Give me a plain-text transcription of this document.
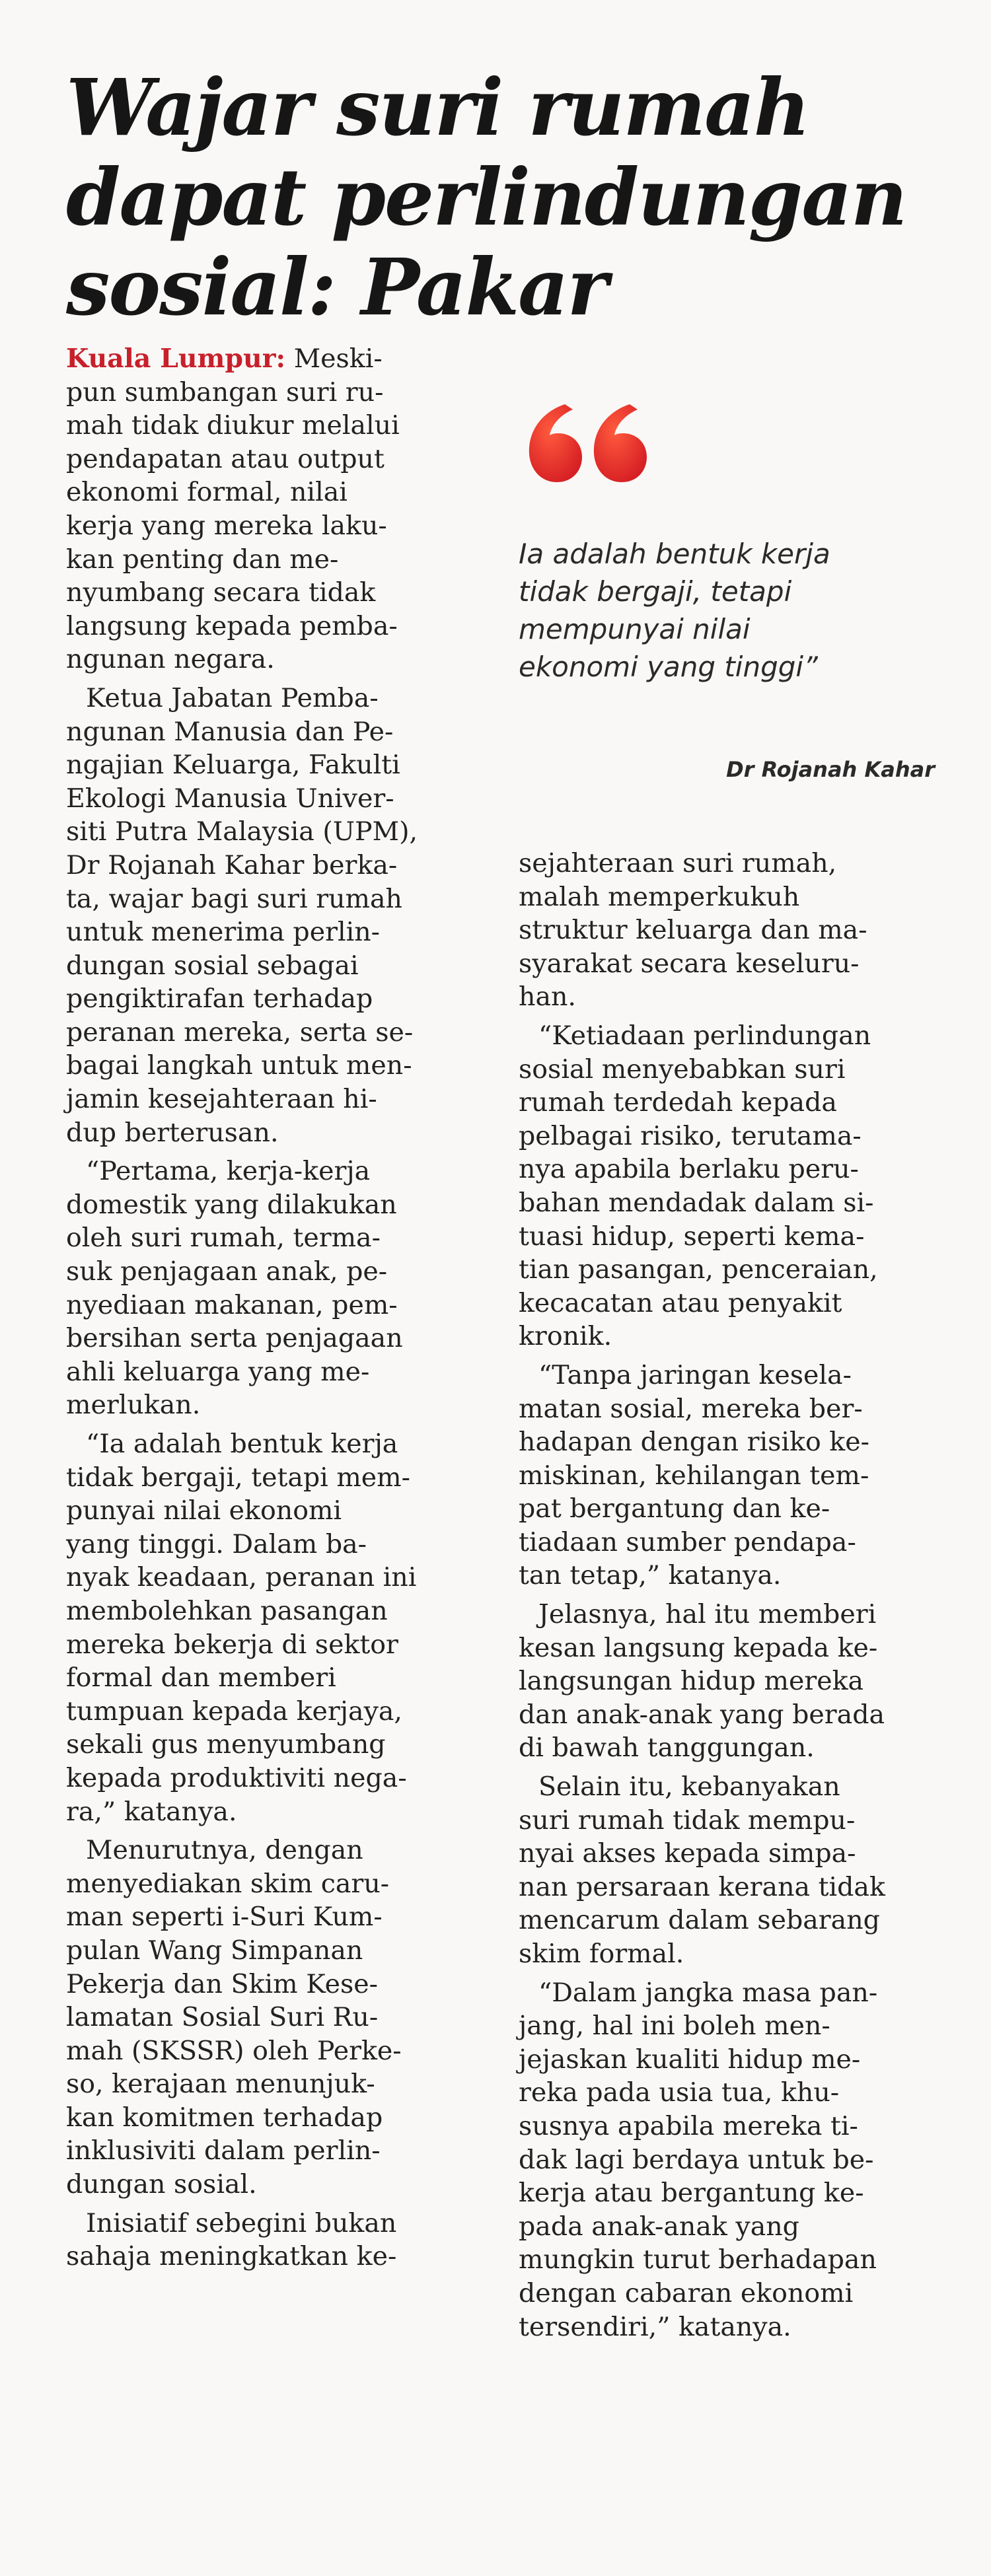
Wajar suri rumah
dapat perlindungan
sosial: Pakar

Kuala Lumpur: Meski-
pun sumbangan suri ru-
mah tidak diukur melalui
pendapatan atau output
ekonomi formal, nilai
kerja yang mereka laku-
kan penting dan me-
nyumbang secara tidak
langsung kepada pemba-
ngunan negara.

Ketua Jabatan Pemba-
ngunan Manusia dan Pe-
ngajian Keluarga, Fakulti
Ekologi Manusia Univer-
siti Putra Malaysia (UPM),
Dr Rojanah Kahar berka-
ta, wajar bagi suri rumah
untuk menerima perlin-
dungan sosial sebagai
pengiktirafan terhadap
peranan mereka, serta se-
bagai langkah untuk men-
jamin kesejahteraan hi-
dup berterusan.

“Pertama, kerja-kerja
domestik yang dilakukan
oleh suri rumah, terma-
suk penjagaan anak, pe-
nyediaan makanan, pem-
bersihan serta penjagaan
ahli keluarga yang me-
merlukan.

“Ia adalah bentuk kerja
tidak bergaji, tetapi mem-
punyai nilai ekonomi
yang tinggi. Dalam ba-
nyak keadaan, peranan ini
membolehkan pasangan
mereka bekerja di sektor
formal dan memberi
tumpuan kepada kerjaya,
sekali gus menyumbang
kepada produktiviti nega-
ra,” katanya.

Menurutnya, dengan
menyediakan skim caru-
man seperti i-Suri Kum-
pulan Wang Simpanan
Pekerja dan Skim Kese-
lamatan Sosial Suri Ru-
mah (SKSSR) oleh Perke-
so, kerajaan menunjuk-
kan komitmen terhadap
inklusiviti dalam perlin-
dungan sosial.

Inisiatif sebegini bukan
sahaja meningkatkan ke-

Ia adalah bentuk kerja
tidak bergaji, tetapi
mempunyai nilai
ekonomi yang tinggi”

Dr Rojanah Kahar

sejahteraan suri rumah,
malah memperkukuh
struktur keluarga dan ma-
syarakat secara keseluru-
han.

“Ketiadaan perlindungan
sosial menyebabkan suri
rumah terdedah kepada
pelbagai risiko, terutama-
nya apabila berlaku peru-
bahan mendadak dalam si-
tuasi hidup, seperti kema-
tian pasangan, penceraian,
kecacatan atau penyakit
kronik.

“Tanpa jaringan kesela-
matan sosial, mereka ber-
hadapan dengan risiko ke-
miskinan, kehilangan tem-
pat bergantung dan ke-
tiadaan sumber pendapa-
tan tetap,” katanya.

Jelasnya, hal itu memberi
kesan langsung kepada ke-
langsungan hidup mereka
dan anak-anak yang berada
di bawah tanggungan.

Selain itu, kebanyakan
suri rumah tidak mempu-
nyai akses kepada simpa-
nan persaraan kerana tidak
mencarum dalam sebarang
skim formal.

“Dalam jangka masa pan-
jang, hal ini boleh men-
jejaskan kualiti hidup me-
reka pada usia tua, khu-
susnya apabila mereka ti-
dak lagi berdaya untuk be-
kerja atau bergantung ke-
pada anak-anak yang
mungkin turut berhadapan
dengan cabaran ekonomi
tersendiri,” katanya.
